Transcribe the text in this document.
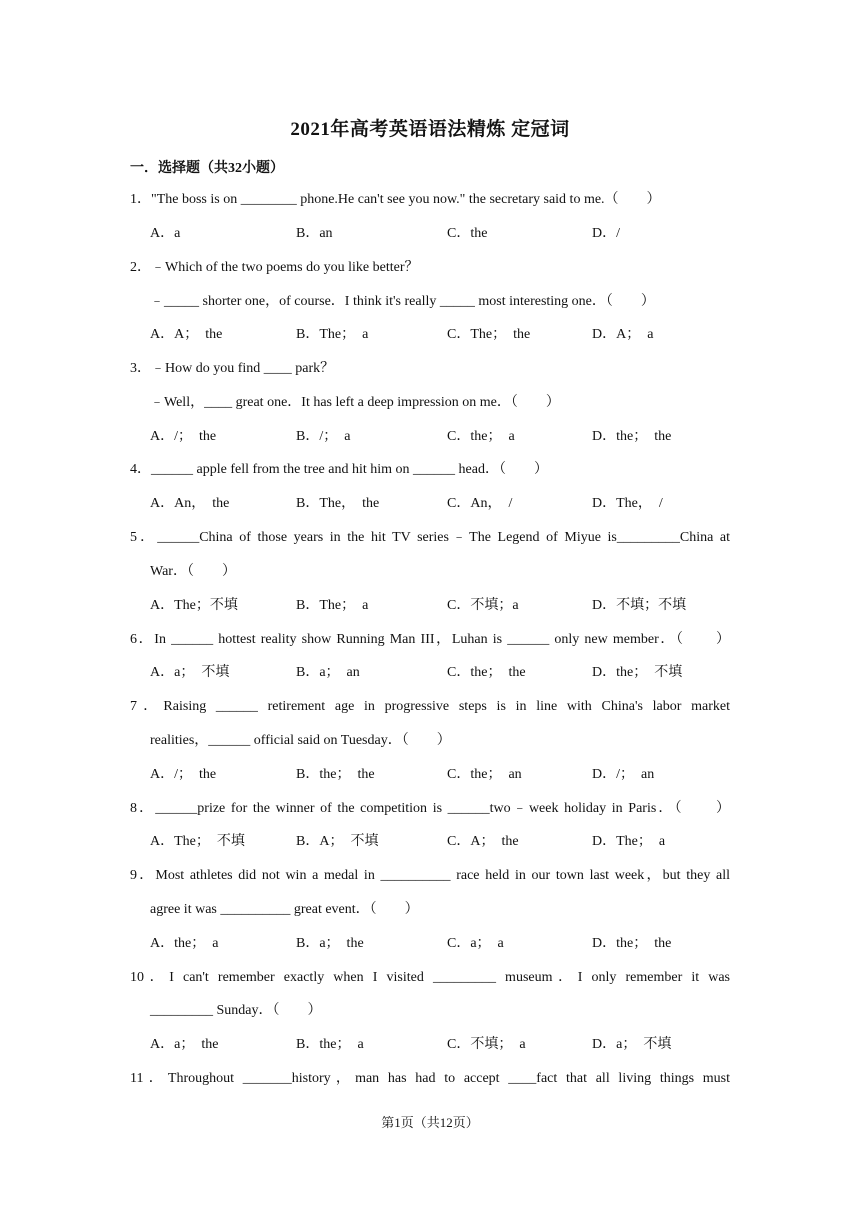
2021年高考英语语法精炼 定冠词
一．选择题（共32小题）
1．"The boss is on ________ phone.He can't see you now." the secretary said to me.（　　）
A．a	B．an	C．the	D．/
2．﹣Which of the two poems do you like better？
﹣_____ shorter one，of course．I think it's really _____ most interesting one．（　　）
A．A；　the	B．The；　a	C．The；　the	D．A；　a
3．﹣How do you find ____ park？
﹣Well，____ great one．It has left a deep impression on me．（　　）
A．/；　the	B．/；　a	C．the；　a	D．the；　the
4．______ apple fell from the tree and hit him on ______ head．（　　）
A．An，　the	B．The，　the	C．An，　/	D．The，　/
5．______China of those years in the hit TV series﹣The Legend of Miyue is_________China at
War．（　　）
A．The；不填	B．The；　a	C．不填；a	D．不填；不填
6．In ______ hottest reality show Running Man III，Luhan is ______ only new member．（　　）
A．a；　不填	B．a；　an	C．the；　the	D．the；　不填
7．Raising ______ retirement age in progressive steps is in line with China's labor market
realities，______ official said on Tuesday．（　　）
A．/；　the	B．the；　the	C．the；　an	D．/；　an
8．______prize for the winner of the competition is ______two﹣week holiday in Paris．（　　）
A．The；　不填	B．A；　不填	C．A；　the	D．The；　a
9．Most athletes did not win a medal in __________ race held in our town last week，but they all
agree it was __________ great event．（　　）
A．the；　a	B．a；　the	C．a；　a	D．the；　the
10．I can't remember exactly when I visited _________ museum．I only remember it was
_________ Sunday．（　　）
A．a；　the	B．the；　a	C．不填；　a	D．a；　不填
11．Throughout _______history，man has had to accept ____fact that all living things must
第1页（共12页）
